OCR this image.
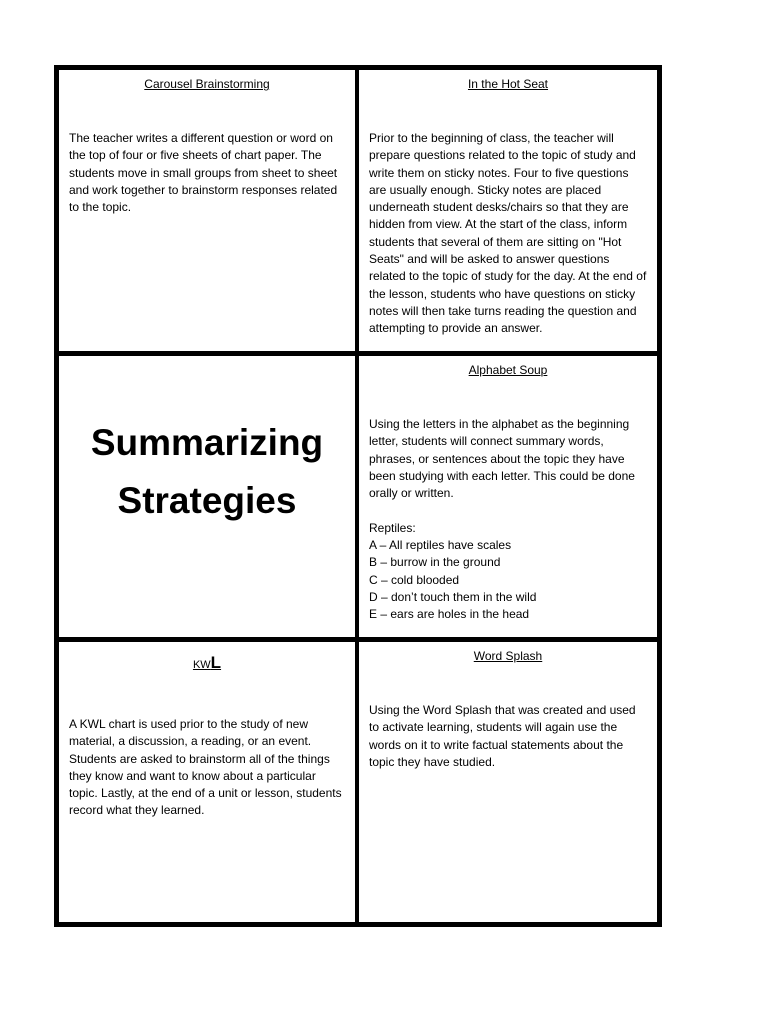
Carousel Brainstorming
The teacher writes a different question or word on the top of four or five sheets of chart paper. The students move in small groups from sheet to sheet and work together to brainstorm responses related to the topic.
In the Hot Seat
Prior to the beginning of class, the teacher will prepare questions related to the topic of study and write them on sticky notes. Four to five questions are usually enough. Sticky notes are placed underneath student desks/chairs so that they are hidden from view. At the start of the class, inform students that several of them are sitting on "Hot Seats" and will be asked to answer questions related to the topic of study for the day. At the end of the lesson, students who have questions on sticky notes will then take turns reading the question and attempting to provide an answer.
Summarizing
Strategies
Alphabet Soup
Using the letters in the alphabet as the beginning letter, students will connect summary words, phrases, or sentences about the topic they have been studying with each letter. This could be done orally or written.

Reptiles:
A – All reptiles have scales
B – burrow in the ground
C – cold blooded
D – don’t touch them in the wild
E – ears are holes in the head
KWL
A KWL chart is used prior to the study of new material, a discussion, a reading, or an event. Students are asked to brainstorm all of the things they know and want to know about a particular topic. Lastly, at the end of a unit or lesson, students record what they learned.
Word Splash
Using the Word Splash that was created and used to activate learning, students will again use the words on it to write factual statements about the topic they have studied.
